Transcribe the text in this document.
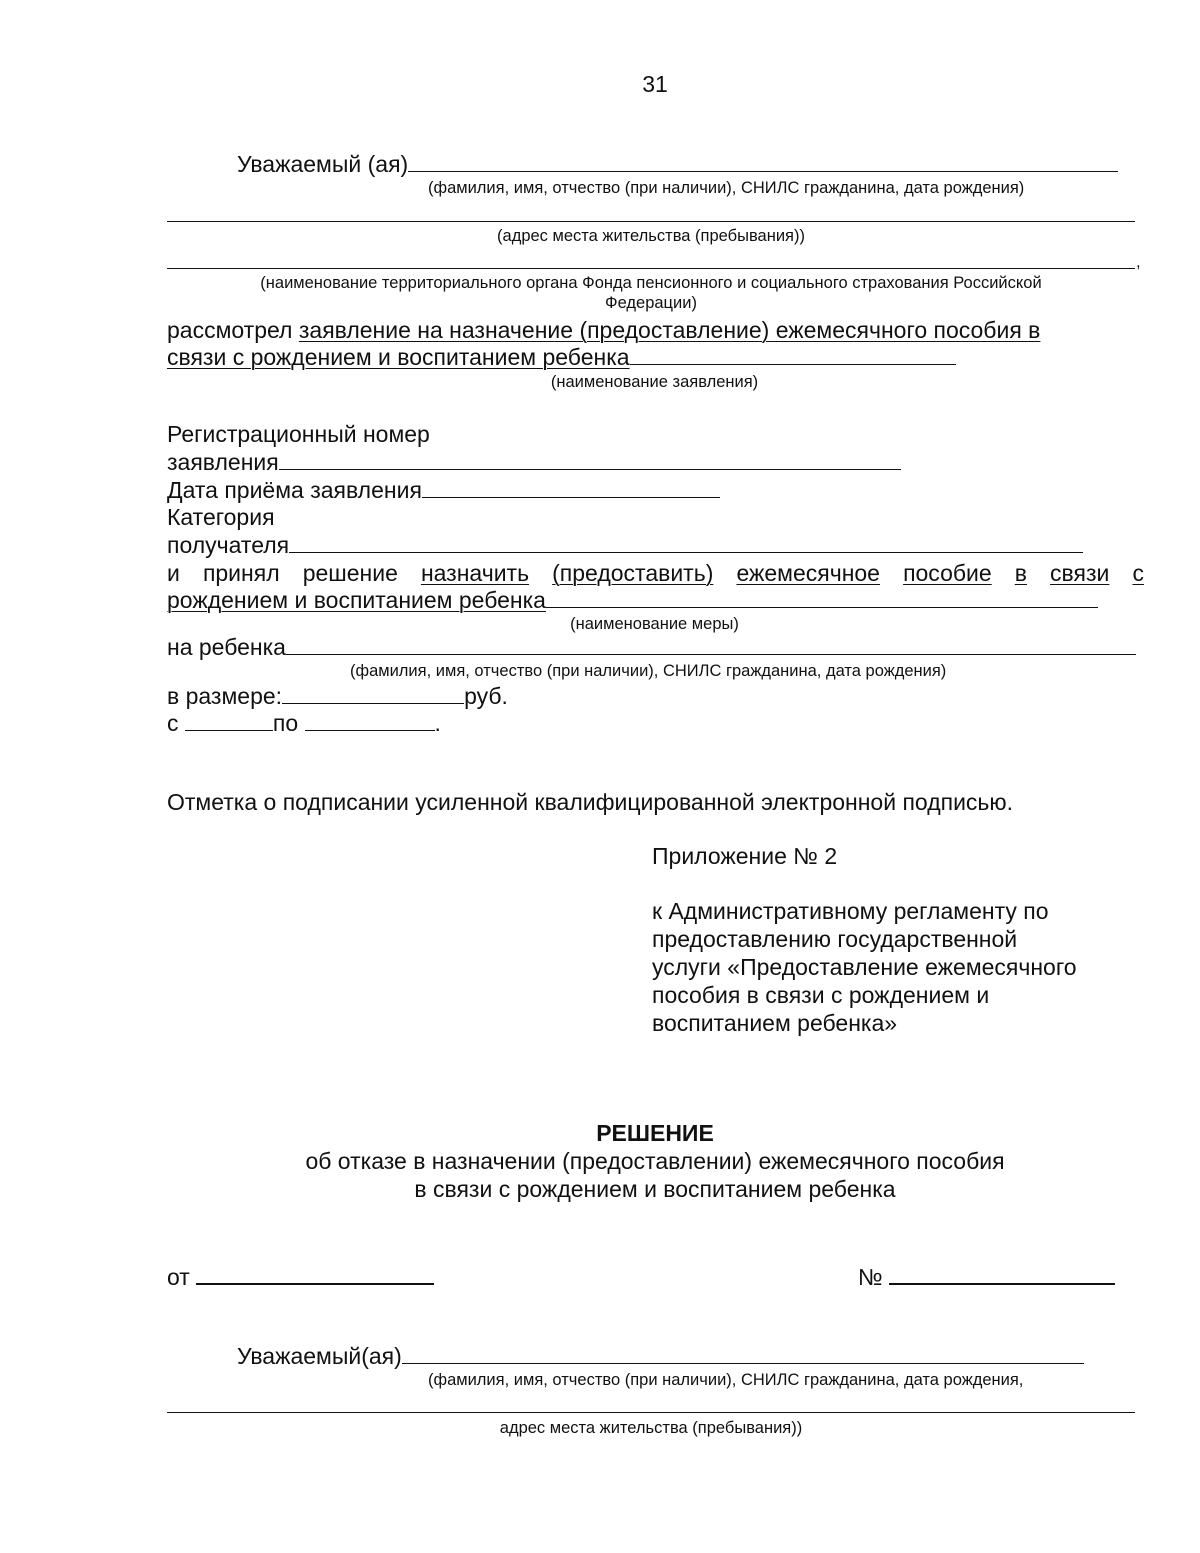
31
Уважаемый (ая)
(фамилия, имя, отчество (при наличии), СНИЛС гражданина, дата рождения)
(адрес места жительства (пребывания))
,
(наименование территориального органа Фонда пенсионного и социального страхования Российской
Федерации)
рассмотрел заявление на назначение (предоставление) ежемесячного пособия в
связи с рождением и воспитанием ребенка
(наименование заявления)
Регистрационный номер
заявления
Дата приёма заявления
Категория
получателя
и принял решение назначить (предоставить) ежемесячное пособие в связи с
рождением и воспитанием ребенка
(наименование меры)
на ребенка
(фамилия, имя, отчество (при наличии), СНИЛС гражданина, дата рождения)
в размере:	руб.
с	по	.
Отметка о подписании усиленной квалифицированной электронной подписью.
Приложение № 2
к Административному регламенту по
предоставлению государственной
услуги «Предоставление ежемесячного
пособия в связи с рождением и
воспитанием ребенка»
РЕШЕНИЕ
об отказе в назначении (предоставлении) ежемесячного пособия
в связи с рождением и воспитанием ребенка
от	№
Уважаемый(ая)
(фамилия, имя, отчество (при наличии), СНИЛС гражданина, дата рождения,
адрес места жительства (пребывания))
